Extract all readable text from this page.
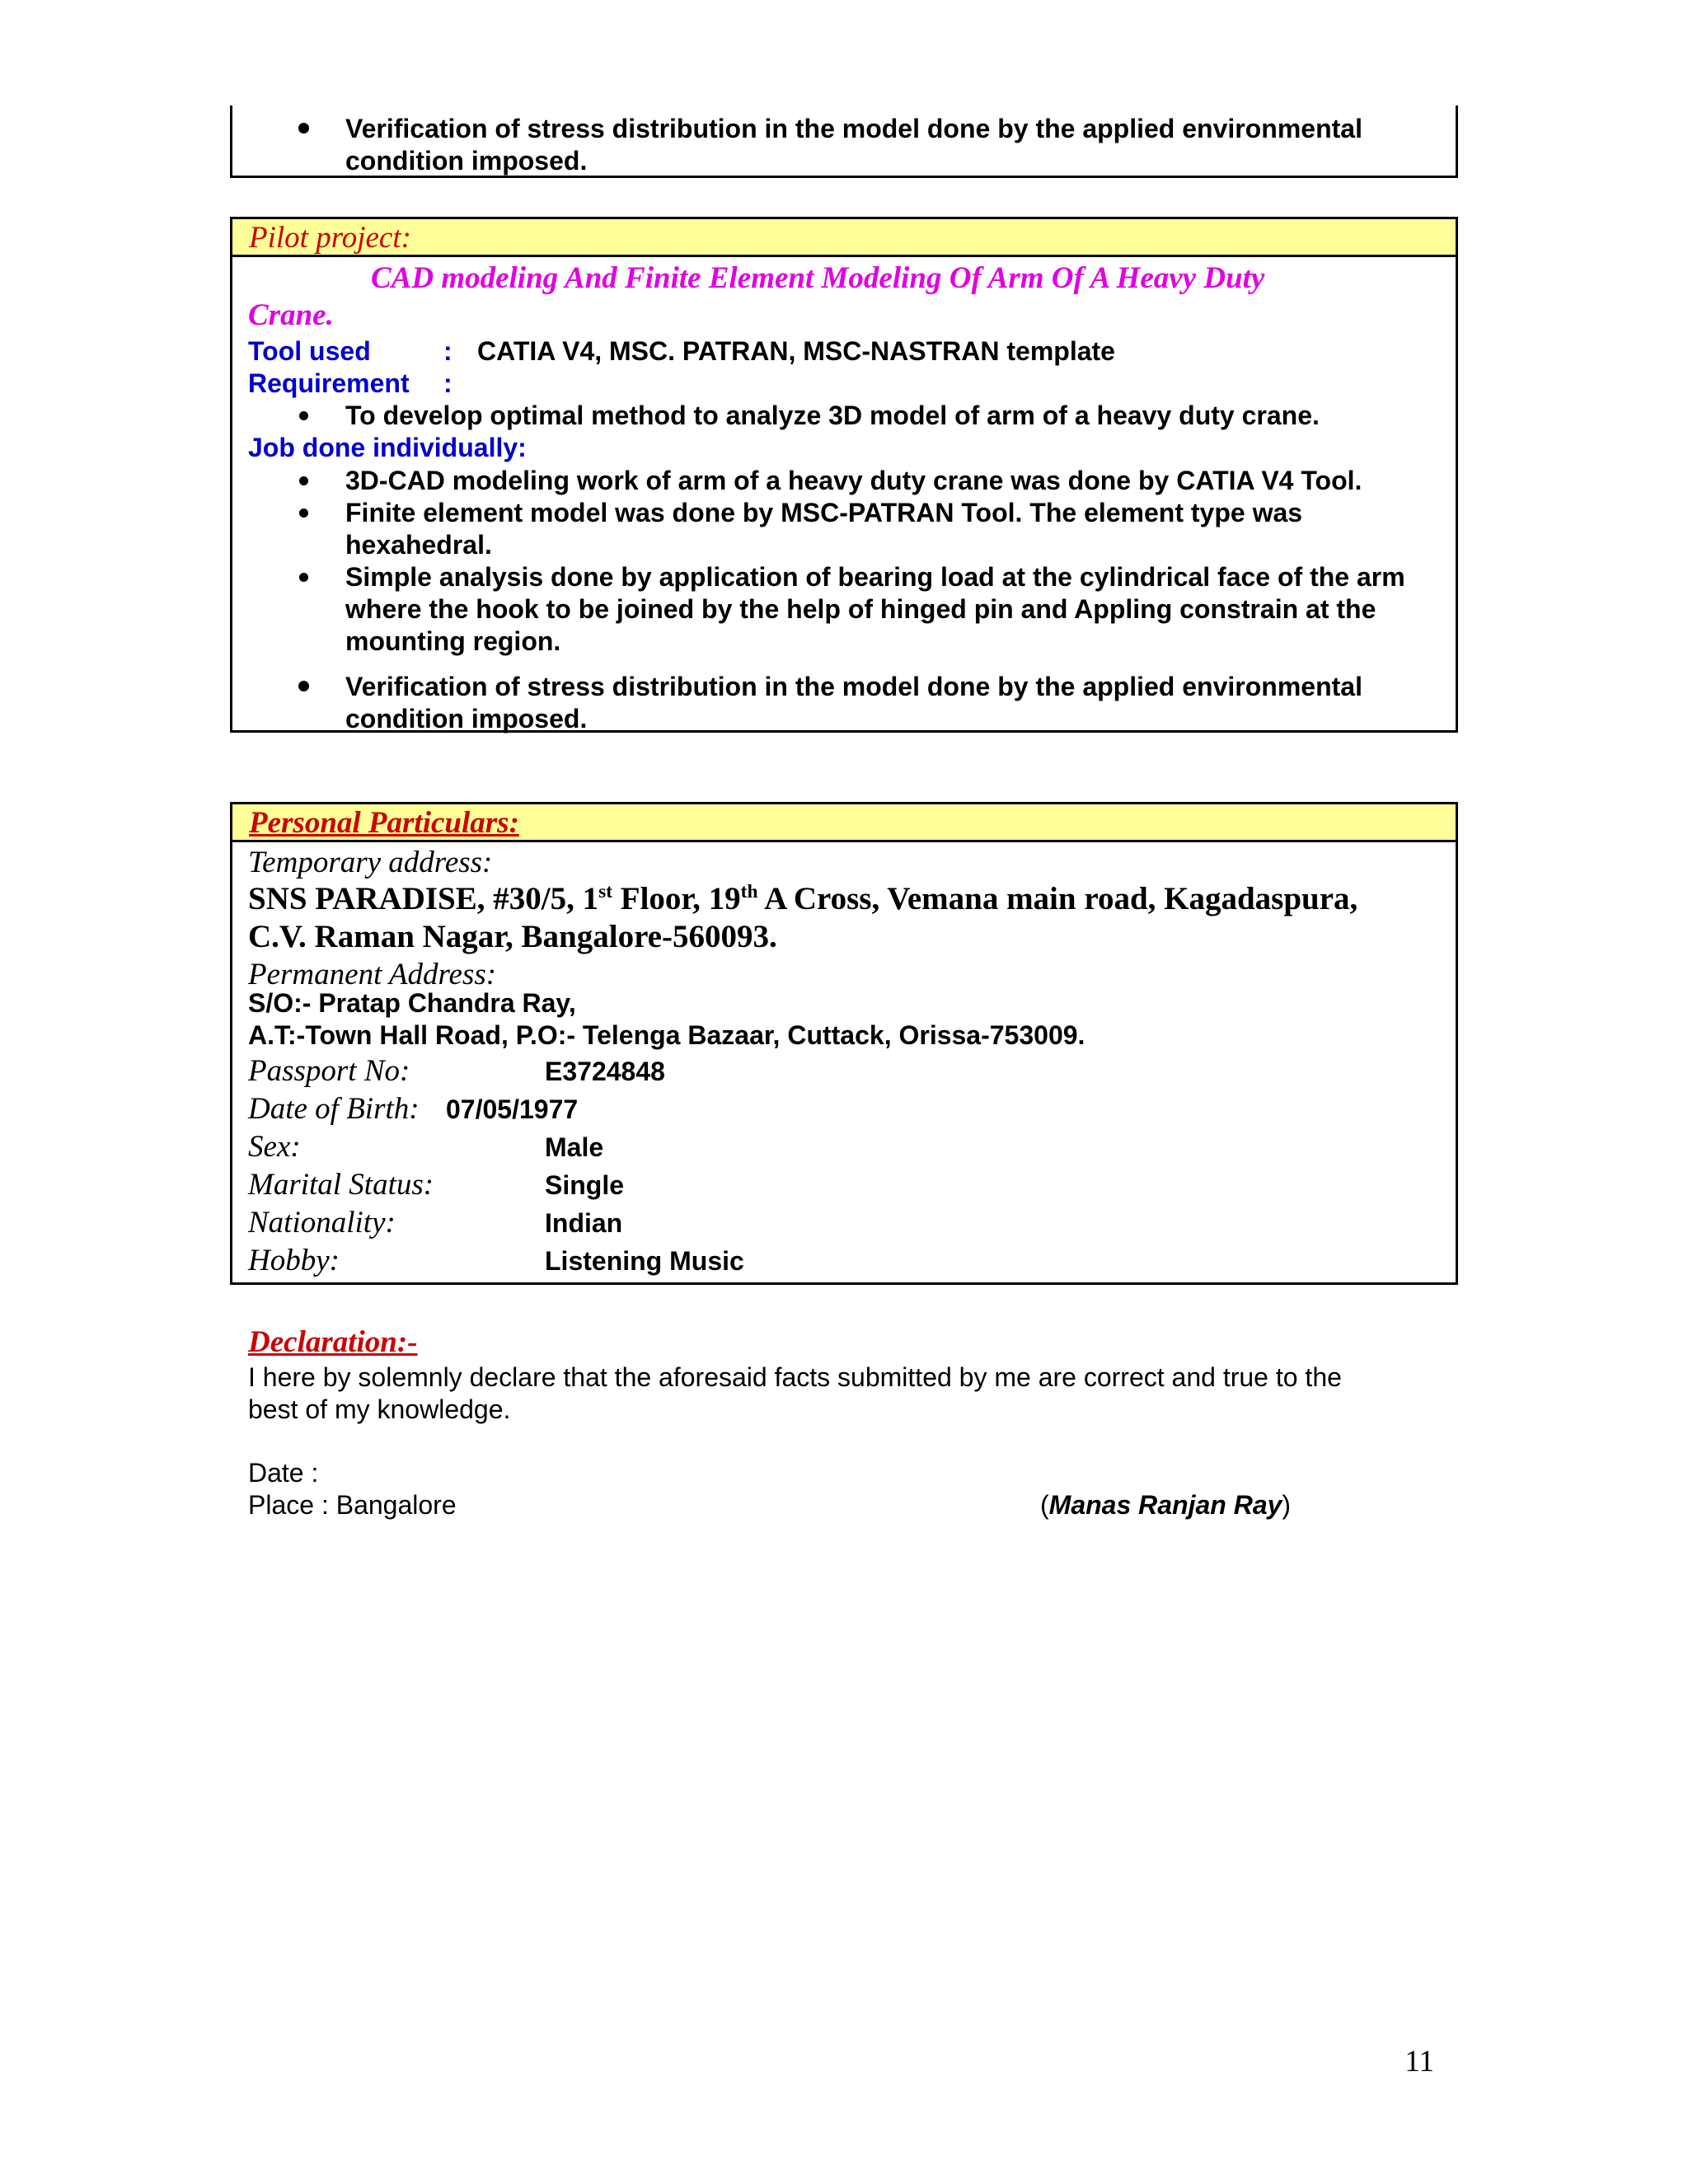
Verification of stress distribution in the model done by the applied environmental condition imposed.
Pilot project:
CAD modeling And Finite Element Modeling Of Arm Of A Heavy Duty
Crane.
Tool used	: CATIA V4, MSC. PATRAN, MSC-NASTRAN template
Requirement :
To develop optimal method to analyze 3D model of arm of a heavy duty crane.
Job done individually:
3D-CAD modeling work of arm of a heavy duty crane was done by CATIA V4 Tool.
Finite element model was done by MSC-PATRAN Tool. The element type was hexahedral.
Simple analysis done by application of bearing load at the cylindrical face of the arm where the hook to be joined by the help of hinged pin and Appling constrain at the mounting region.
Verification of stress distribution in the model done by the applied environmental condition imposed.
Personal Particulars:
Temporary address:
SNS PARADISE, #30/5, 1st Floor, 19th A Cross, Vemana main road, Kagadaspura,
C.V. Raman Nagar, Bangalore-560093.
Permanent Address:
S/O:- Pratap Chandra Ray,
A.T:-Town Hall Road, P.O:- Telenga Bazaar, Cuttack, Orissa-753009.
Passport No:	E3724848
Date of Birth: 07/05/1977
Sex:	Male
Marital Status:	Single
Nationality:	Indian
Hobby:	Listening Music
Declaration:-
I here by solemnly declare that the aforesaid facts submitted by me are correct and true to the
best of my knowledge.
Date :
Place : Bangalore	(Manas Ranjan Ray)
11
